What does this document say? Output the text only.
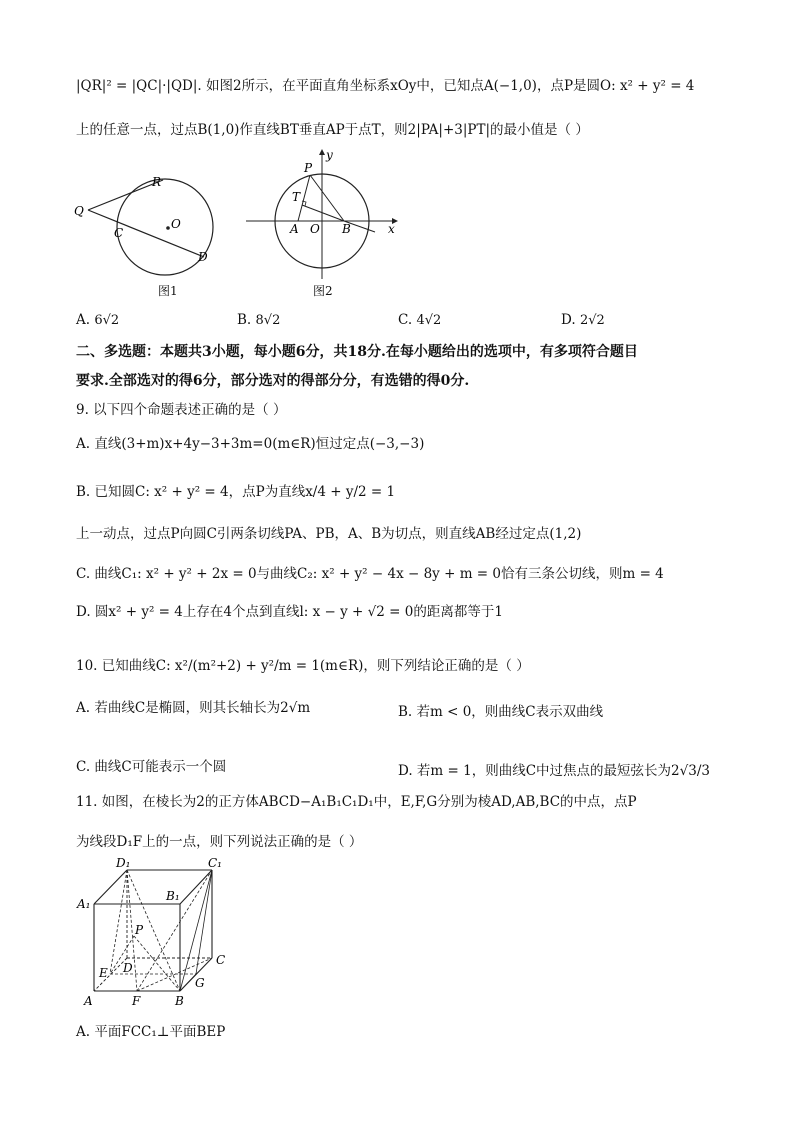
|QR|² = |QC|·|QD|. 如图2所示，在平面直角坐标系xOy中，已知点A(−1,0)，点P是圆O: x² + y² = 4
上的任意一点，过点B(1,0)作直线BT垂直AP于点T，则2|PA|+3|PT|的最小值是（ ）
Q
R
C
O
D
图1
y
x
P
T
A O B
图2
A. 6√2	B. 8√2	C. 4√2	D. 2√2
二、多选题：本题共3小题，每小题6分，共18分.在每小题给出的选项中，有多项符合题目
要求.全部选对的得6分，部分选对的得部分分，有选错的得0分.
9. 以下四个命题表述正确的是（ ）
A. 直线(3+m)x+4y−3+3m=0(m∈R)恒过定点(−3,−3)
B. 已知圆C: x² + y² = 4，点P为直线x/4 + y/2 = 1
上一动点，过点P向圆C引两条切线PA、PB，A、B为切点，则直线AB经过定点(1,2)
C. 曲线C₁: x² + y² + 2x = 0与曲线C₂: x² + y² − 4x − 8y + m = 0恰有三条公切线，则m = 4
D. 圆x² + y² = 4上存在4个点到直线l: x − y + √2 = 0的距离都等于1
10. 已知曲线C: x²/(m²+2) + y²/m = 1(m∈R)，则下列结论正确的是（ ）
A. 若曲线C是椭圆，则其长轴长为2√m	B. 若m < 0，则曲线C表示双曲线
C. 曲线C可能表示一个圆	D. 若m = 1，则曲线C中过焦点的最短弦长为2√3/3
11. 如图，在棱长为2的正方体ABCD−A₁B₁C₁D₁中，E,F,G分别为棱AD,AB,BC的中点，点P
为线段D₁F上的一点，则下列说法正确的是（ ）
D₁	C₁
B₁
A₁
P
E D
C
A	F	B
G
A. 平面FCC₁⊥平面BEP
